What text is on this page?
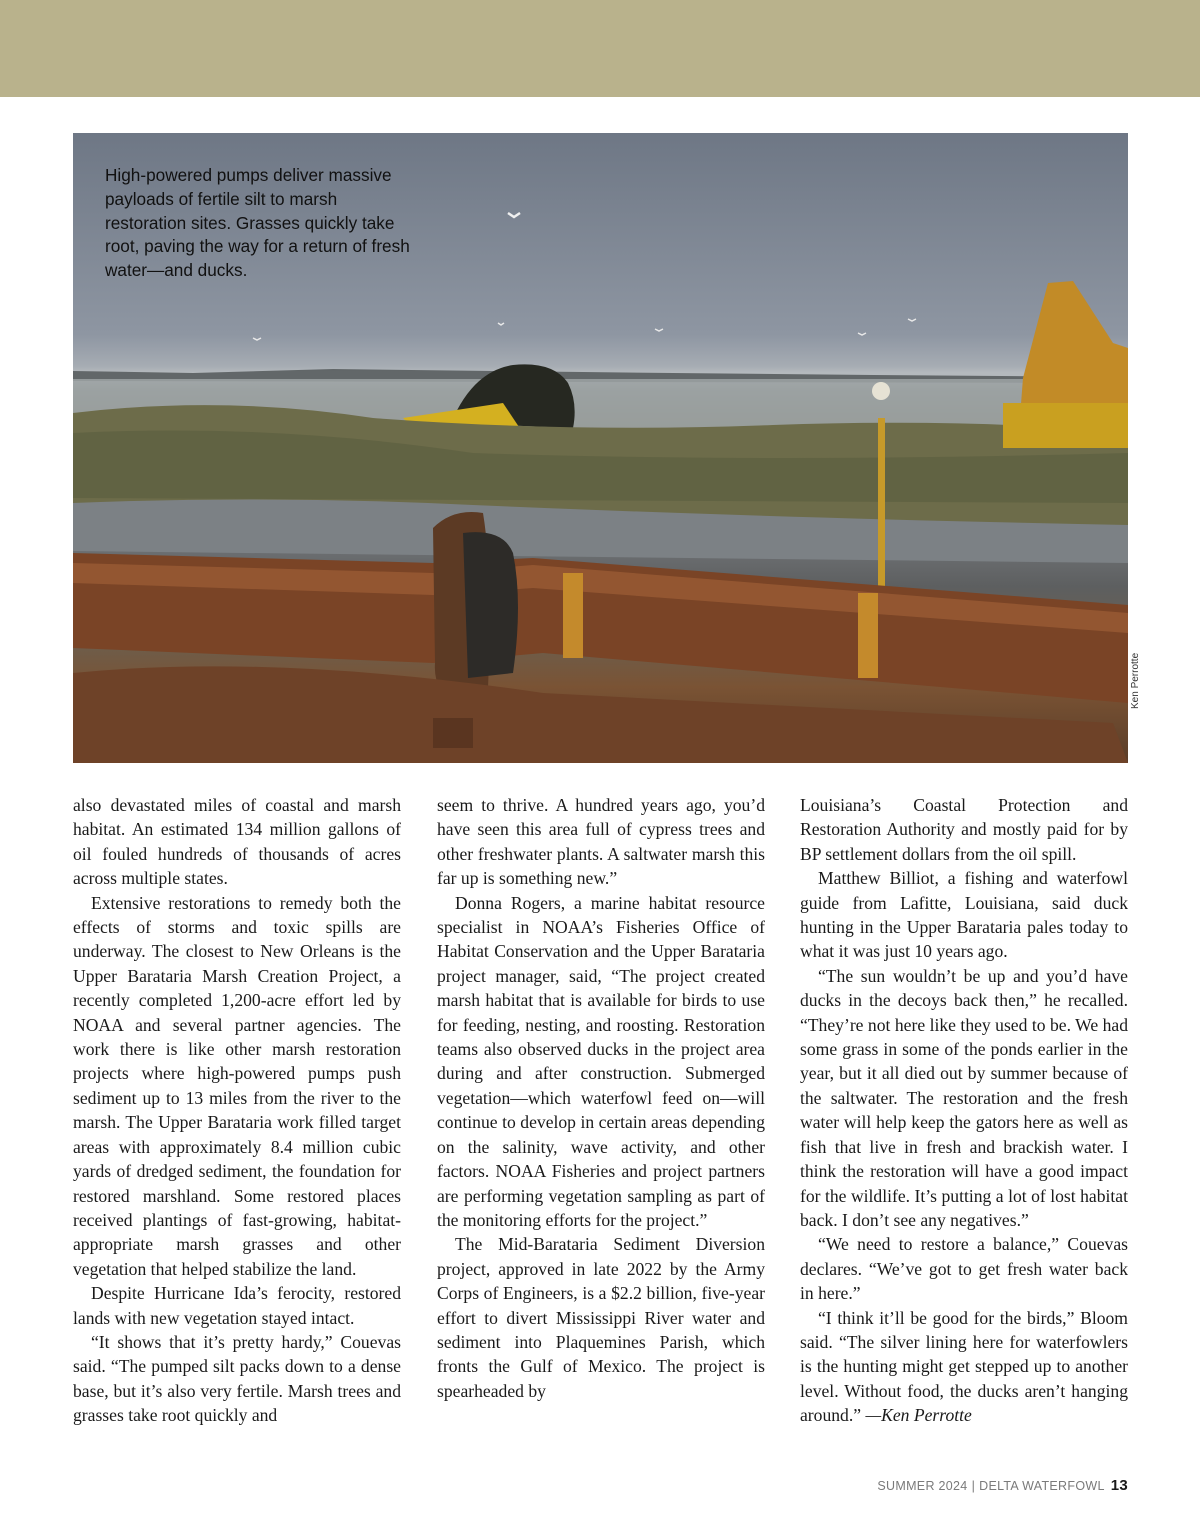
High-powered pumps deliver massive payloads of fertile silt to marsh restoration sites. Grasses quickly take root, paving the way for a return of fresh water—and ducks.
Ken Perrotte

also devastated miles of coastal and marsh habitat. An estimated 134 million gallons of oil fouled hundreds of thousands of acres across multiple states.

Extensive restorations to remedy both the effects of storms and toxic spills are underway. The closest to New Orleans is the Upper Barataria Marsh Creation Project, a recently completed 1,200-acre effort led by NOAA and several partner agencies. The work there is like other marsh restoration projects where high-powered pumps push sediment up to 13 miles from the river to the marsh. The Upper Barataria work filled target areas with approximately 8.4 million cubic yards of dredged sediment, the foundation for restored marshland. Some restored places received plantings of fast-growing, habitat-appropriate marsh grasses and other vegetation that helped stabilize the land.

Despite Hurricane Ida’s ferocity, restored lands with new vegetation stayed intact.

“It shows that it’s pretty hardy,” Couevas said. “The pumped silt packs down to a dense base, but it’s also very fertile. Marsh trees and grasses take root quickly and

seem to thrive. A hundred years ago, you’d have seen this area full of cypress trees and other freshwater plants. A saltwater marsh this far up is something new.”

Donna Rogers, a marine habitat resource specialist in NOAA’s Fisheries Office of Habitat Conservation and the Upper Barataria project manager, said, “The project created marsh habitat that is available for birds to use for feeding, nesting, and roosting. Restoration teams also observed ducks in the project area during and after construction. Submerged vegetation—which waterfowl feed on—will continue to develop in certain areas depending on the salinity, wave activity, and other factors. NOAA Fisheries and project partners are performing vegetation sampling as part of the monitoring efforts for the project.”

The Mid-Barataria Sediment Diversion project, approved in late 2022 by the Army Corps of Engineers, is a $2.2 billion, five-year effort to divert Mississippi River water and sediment into Plaquemines Parish, which fronts the Gulf of Mexico. The project is spearheaded by

Louisiana’s Coastal Protection and Restoration Authority and mostly paid for by BP settlement dollars from the oil spill.

Matthew Billiot, a fishing and waterfowl guide from Lafitte, Louisiana, said duck hunting in the Upper Barataria pales today to what it was just 10 years ago.

“The sun wouldn’t be up and you’d have ducks in the decoys back then,” he recalled. “They’re not here like they used to be. We had some grass in some of the ponds earlier in the year, but it all died out by summer because of the saltwater. The restoration and the fresh water will help keep the gators here as well as fish that live in fresh and brackish water. I think the restoration will have a good impact for the wildlife. It’s putting a lot of lost habitat back. I don’t see any negatives.”

“We need to restore a balance,” Couevas declares. “We’ve got to get fresh water back in here.”

“I think it’ll be good for the birds,” Bloom said. “The silver lining here for waterfowlers is the hunting might get stepped up to another level. Without food, the ducks aren’t hanging around.” —Ken Perrotte

SUMMER 2024 | DELTA WATERFOWL 13
